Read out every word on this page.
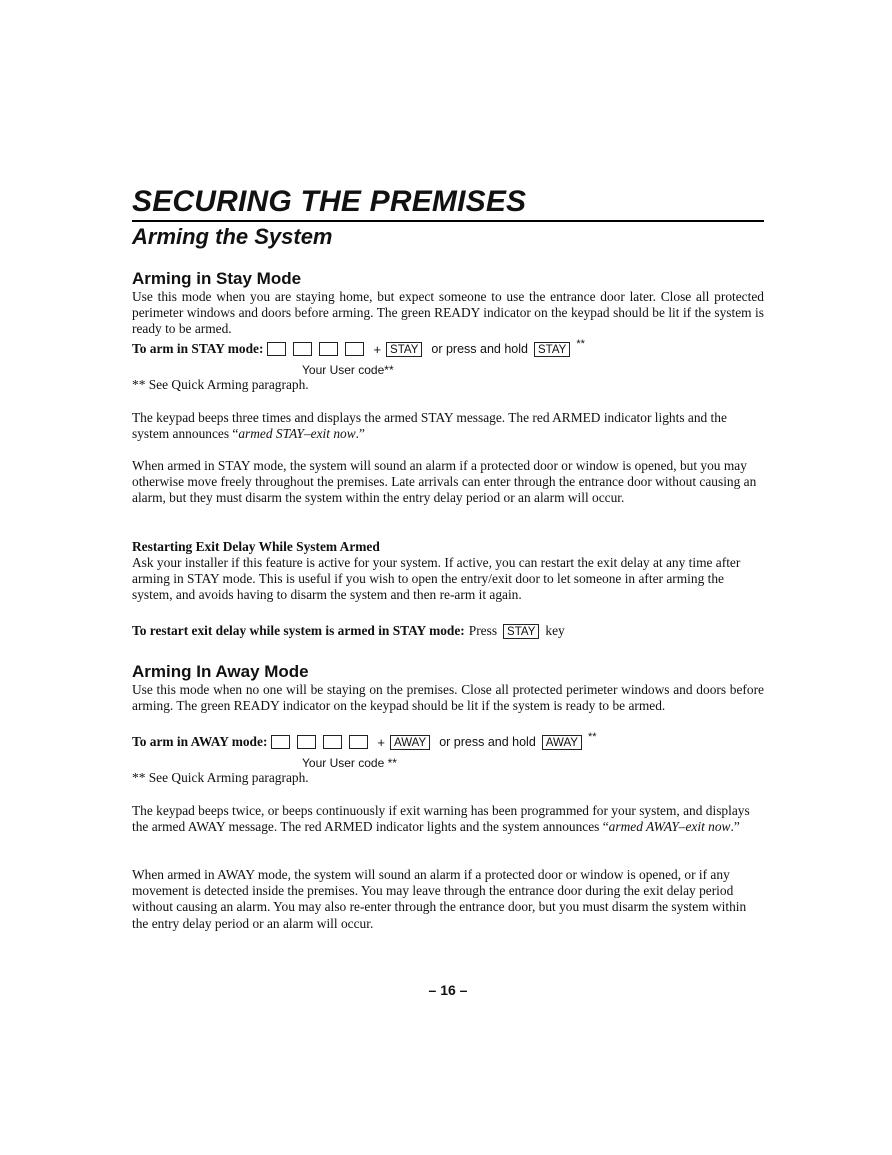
SECURING THE PREMISES
Arming the System
Arming in Stay Mode

Use this mode when you are staying home, but expect someone to use the entrance door later. Close all protected perimeter windows and doors before arming. The green READY indicator on the keypad should be lit if the system is ready to be armed.

To arm in STAY mode:	+ STAY	or press and hold STAY **
Your User code**

** See Quick Arming paragraph.

The keypad beeps three times and displays the armed STAY message. The red ARMED indicator lights and the system announces “armed STAY–exit now.”

When armed in STAY mode, the system will sound an alarm if a protected door or window is opened, but you may otherwise move freely throughout the premises. Late arrivals can enter through the entrance door without causing an alarm, but they must disarm the system within the entry delay period or an alarm will occur.

Restarting Exit Delay While System Armed

Ask your installer if this feature is active for your system. If active, you can restart the exit delay at any time after arming in STAY mode. This is useful if you wish to open the entry/exit door to let someone in after arming the system, and avoids having to disarm the system and then re-arm it again.

To restart exit delay while system is armed in STAY mode: Press STAY key
Arming In Away Mode

Use this mode when no one will be staying on the premises. Close all protected perimeter windows and doors before arming. The green READY indicator on the keypad should be lit if the system is ready to be armed.

To arm in AWAY mode:	+ AWAY	or press and hold AWAY **
Your User code **

** See Quick Arming paragraph.

The keypad beeps twice, or beeps continuously if exit warning has been programmed for your system, and displays the armed AWAY message. The red ARMED indicator lights and the system announces “armed AWAY–exit now.”

When armed in AWAY mode, the system will sound an alarm if a protected door or window is opened, or if any movement is detected inside the premises. You may leave through the entrance door during the exit delay period without causing an alarm. You may also re-enter through the entrance door, but you must disarm the system within the entry delay period or an alarm will occur.

– 16 –
